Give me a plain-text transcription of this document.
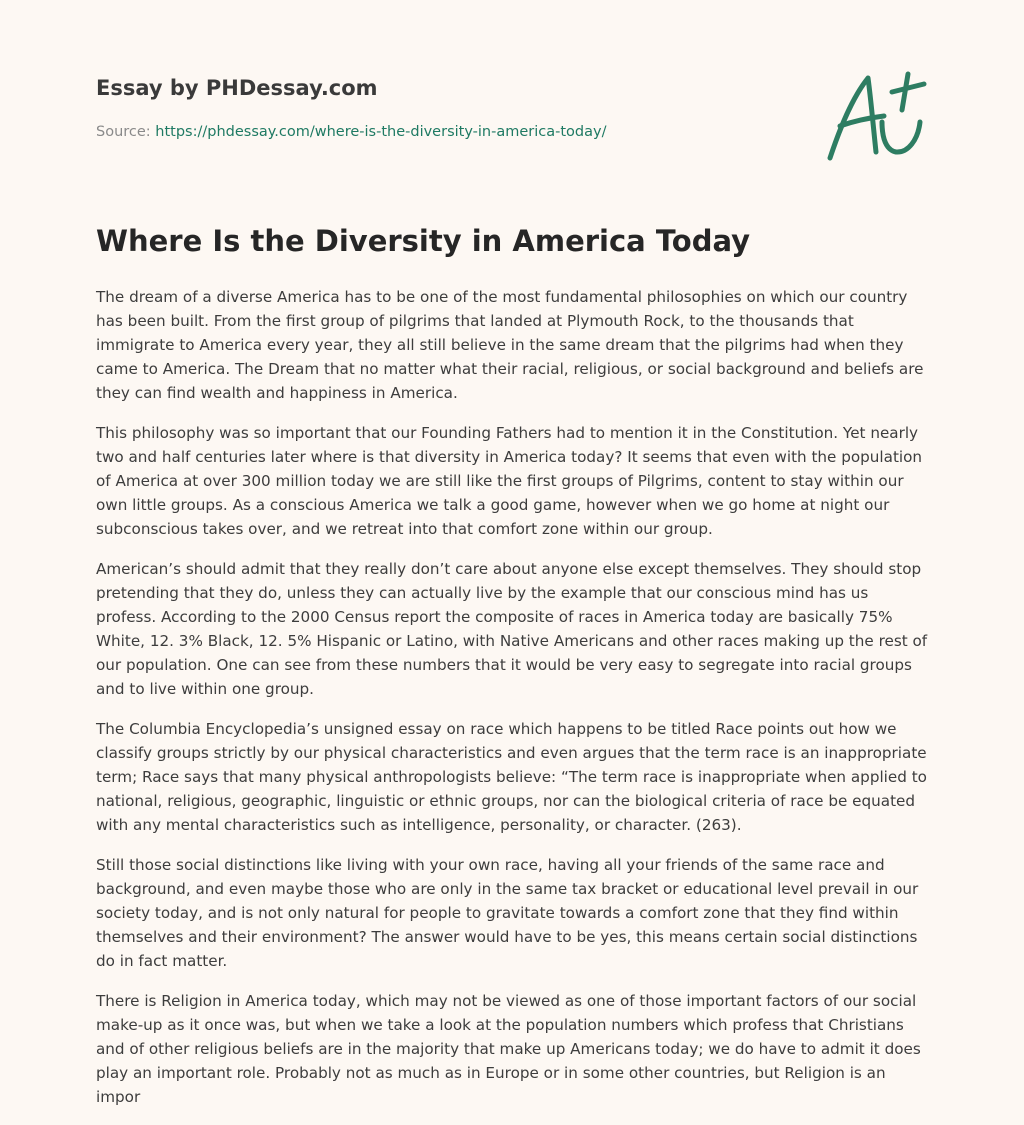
Essay by PHDessay.com
Source: https://phdessay.com/where-is-the-diversity-in-america-today/
Where Is the Diversity in America Today

The dream of a diverse America has to be one of the most fundamental philosophies on which our country has been built. From the first group of pilgrims that landed at Plymouth Rock, to the thousands that immigrate to America every year, they all still believe in the same dream that the pilgrims had when they came to America. The Dream that no matter what their racial, religious, or social background and beliefs are they can find wealth and happiness in America.

This philosophy was so important that our Founding Fathers had to mention it in the Constitution. Yet nearly two and half centuries later where is that diversity in America today? It seems that even with the population of America at over 300 million today we are still like the first groups of Pilgrims, content to stay within our own little groups. As a conscious America we talk a good game, however when we go home at night our subconscious takes over, and we retreat into that comfort zone within our group.

American’s should admit that they really don’t care about anyone else except themselves. They should stop pretending that they do, unless they can actually live by the example that our conscious mind has us profess. According to the 2000 Census report the composite of races in America today are basically 75% White, 12. 3% Black, 12. 5% Hispanic or Latino, with Native Americans and other races making up the rest of our population. One can see from these numbers that it would be very easy to segregate into racial groups and to live within one group.

The Columbia Encyclopedia’s unsigned essay on race which happens to be titled Race points out how we classify groups strictly by our physical characteristics and even argues that the term race is an inappropriate term; Race says that many physical anthropologists believe: “The term race is inappropriate when applied to national, religious, geographic, linguistic or ethnic groups, nor can the biological criteria of race be equated with any mental characteristics such as intelligence, personality, or character. (263).

Still those social distinctions like living with your own race, having all your friends of the same race and background, and even maybe those who are only in the same tax bracket or educational level prevail in our society today, and is not only natural for people to gravitate towards a comfort zone that they find within themselves and their environment? The answer would have to be yes, this means certain social distinctions do in fact matter.

There is Religion in America today, which may not be viewed as one of those important factors of our social make-up as it once was, but when we take a look at the population numbers which profess that Christians and of other religious beliefs are in the majority that make up Americans today; we do have to admit it does play an important role. Probably not as much as in Europe or in some other countries, but Religion is an impor
